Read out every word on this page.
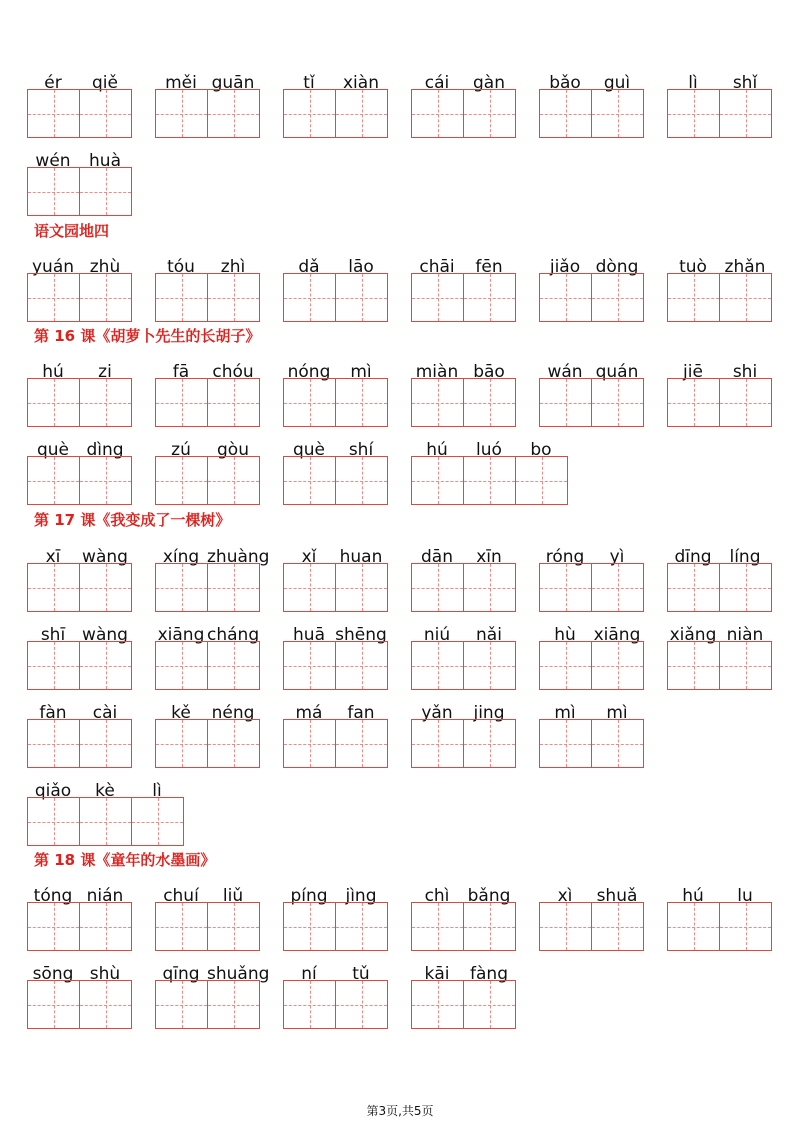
ér	qiě	měi guān	tǐ	xiàn	cái	gàn	bǎo	guì	lì	shǐ
wén	huà
语文园地四
yuán zhù	tóu	zhì	dǎ	lāo	chāi	fēn	jiǎo dòng	tuò	zhǎn
第 16 课《胡萝卜先生的长胡子》
hú	zi	fā	chóu	nóng	mì	miàn bāo	wán quán	jiē	shi
què	dìng	zú	gòu	què	shí	hú	luó	bo
第 17 课《我变成了一棵树》
xī	wàng	xíng zhuàng	xǐ	huan	dān	xīn	róng	yì	dīng	líng
shī wàng xiāng cháng	huā shēng	niú	nǎi	hù	xiāng xiǎng niàn
fàn	cài	kě	néng	má	fan	yǎn	jing	mì	mì
qiǎo	kè	lì
第 18 课《童年的水墨画》
tóng nián	chuí	liǔ	píng	jìng	chì	bǎng	xì	shuǎ	hú	lu
sōng shù	qīng shuǎng	ní	tǔ	kāi	fàng
第3页,共5页
